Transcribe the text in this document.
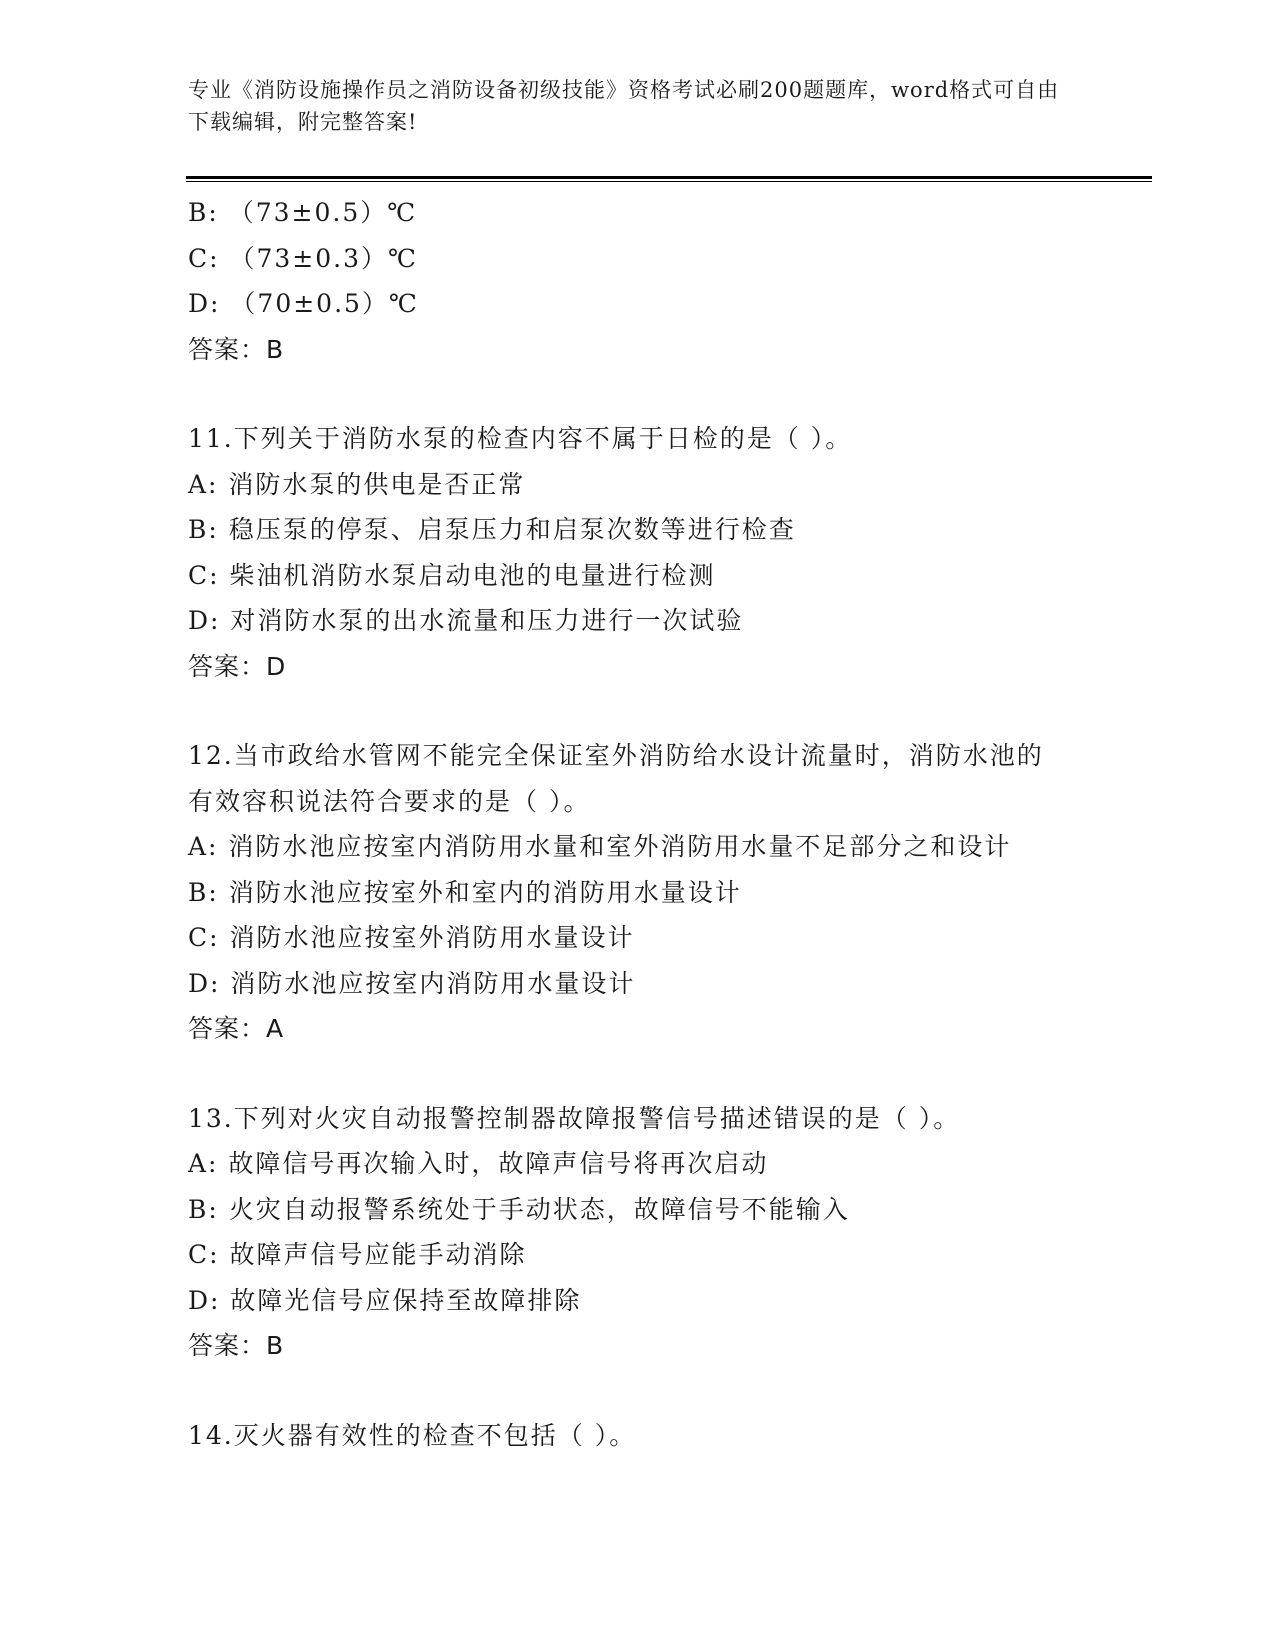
专业《消防设施操作员之消防设备初级技能》资格考试必刷200题题库，word格式可自由下载编辑，附完整答案!
B: （73±0.5）℃
C: （73±0.3）℃
D: （70±0.5）℃
答案：B
11.下列关于消防水泵的检查内容不属于日检的是（ ）。
A: 消防水泵的供电是否正常
B: 稳压泵的停泵、启泵压力和启泵次数等进行检查
C: 柴油机消防水泵启动电池的电量进行检测
D: 对消防水泵的出水流量和压力进行一次试验
答案：D
12.当市政给水管网不能完全保证室外消防给水设计流量时，消防水池的有效容积说法符合要求的是（ ）。
A: 消防水池应按室内消防用水量和室外消防用水量不足部分之和设计
B: 消防水池应按室外和室内的消防用水量设计
C: 消防水池应按室外消防用水量设计
D: 消防水池应按室内消防用水量设计
答案：A
13.下列对火灾自动报警控制器故障报警信号描述错误的是（ ）。
A: 故障信号再次输入时，故障声信号将再次启动
B: 火灾自动报警系统处于手动状态，故障信号不能输入
C: 故障声信号应能手动消除
D: 故障光信号应保持至故障排除
答案：B
14.灭火器有效性的检查不包括（ ）。
